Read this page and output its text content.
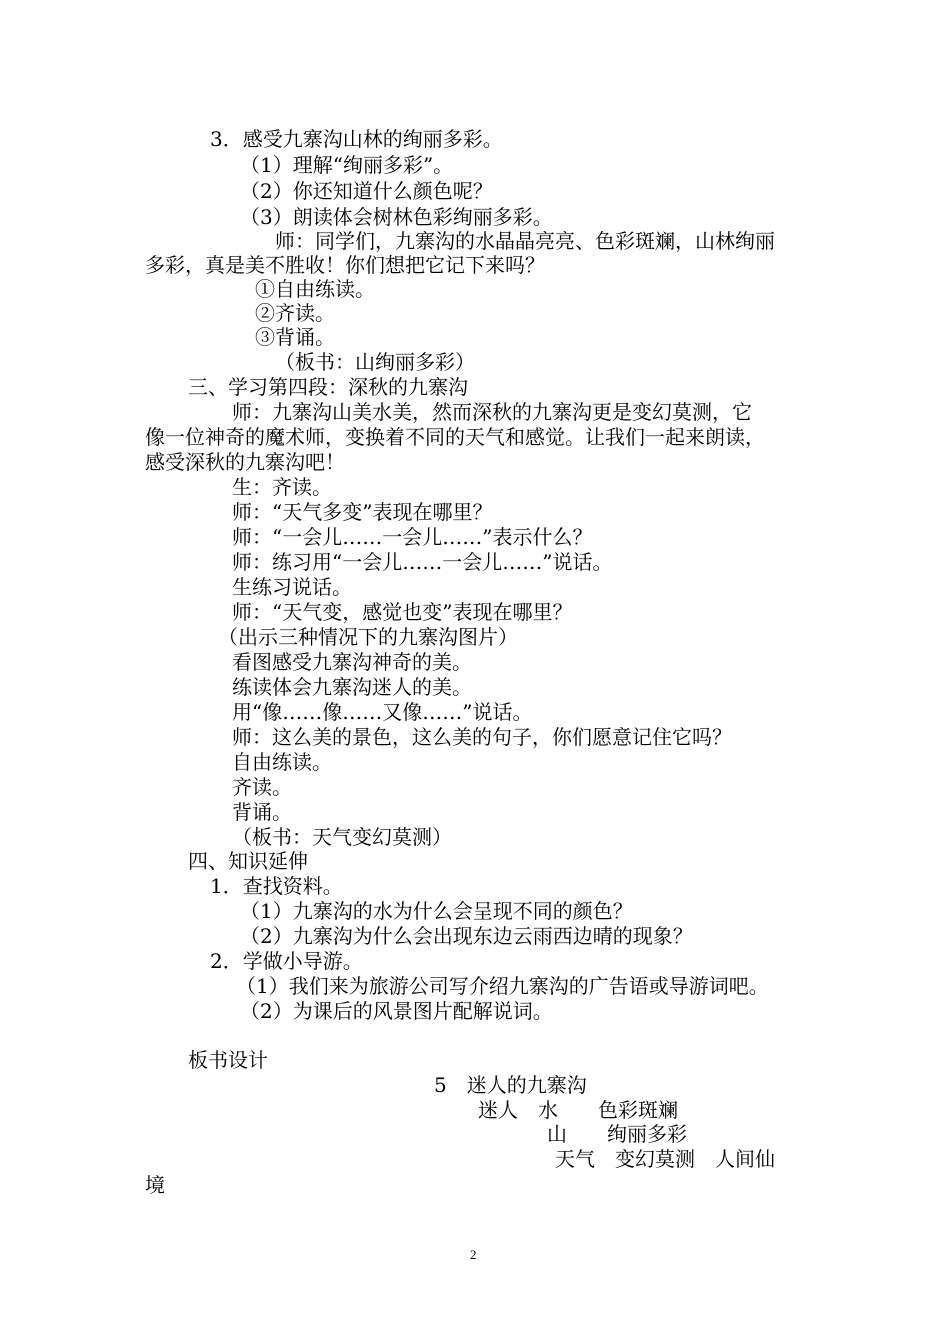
3．感受九寨沟山林的绚丽多彩。
（1）理解“绚丽多彩”。
（2）你还知道什么颜色呢？
（3）朗读体会树林色彩绚丽多彩。
师：同学们，九寨沟的水晶晶亮亮、色彩斑斓，山林绚丽
多彩，真是美不胜收！你们想把它记下来吗？
①自由练读。
②齐读。
③背诵。
（板书：山绚丽多彩）
三、学习第四段：深秋的九寨沟
师：九寨沟山美水美，然而深秋的九寨沟更是变幻莫测，它
像一位神奇的魔术师，变换着不同的天气和感觉。让我们一起来朗读，
感受深秋的九寨沟吧！
生：齐读。
师：“天气多变”表现在哪里？
师：“一会儿……一会儿……”表示什么？
师：练习用“一会儿……一会儿……”说话。
生练习说话。
师：“天气变，感觉也变”表现在哪里？
（出示三种情况下的九寨沟图片）
看图感受九寨沟神奇的美。
练读体会九寨沟迷人的美。
用“像……像……又像……”说话。
师：这么美的景色，这么美的句子，你们愿意记住它吗？
自由练读。
齐读。
背诵。
（板书：天气变幻莫测）
四、知识延伸
1．查找资料。
（1）九寨沟的水为什么会呈现不同的颜色？
（2）九寨沟为什么会出现东边云雨西边晴的现象？
2．学做小导游。
（1）我们来为旅游公司写介绍九寨沟的广告语或导游词吧。
（2）为课后的风景图片配解说词。
板书设计
5　迷人的九寨沟
迷人　水　　色彩斑斓
山　　绚丽多彩
天气　变幻莫测　人间仙
境
2
